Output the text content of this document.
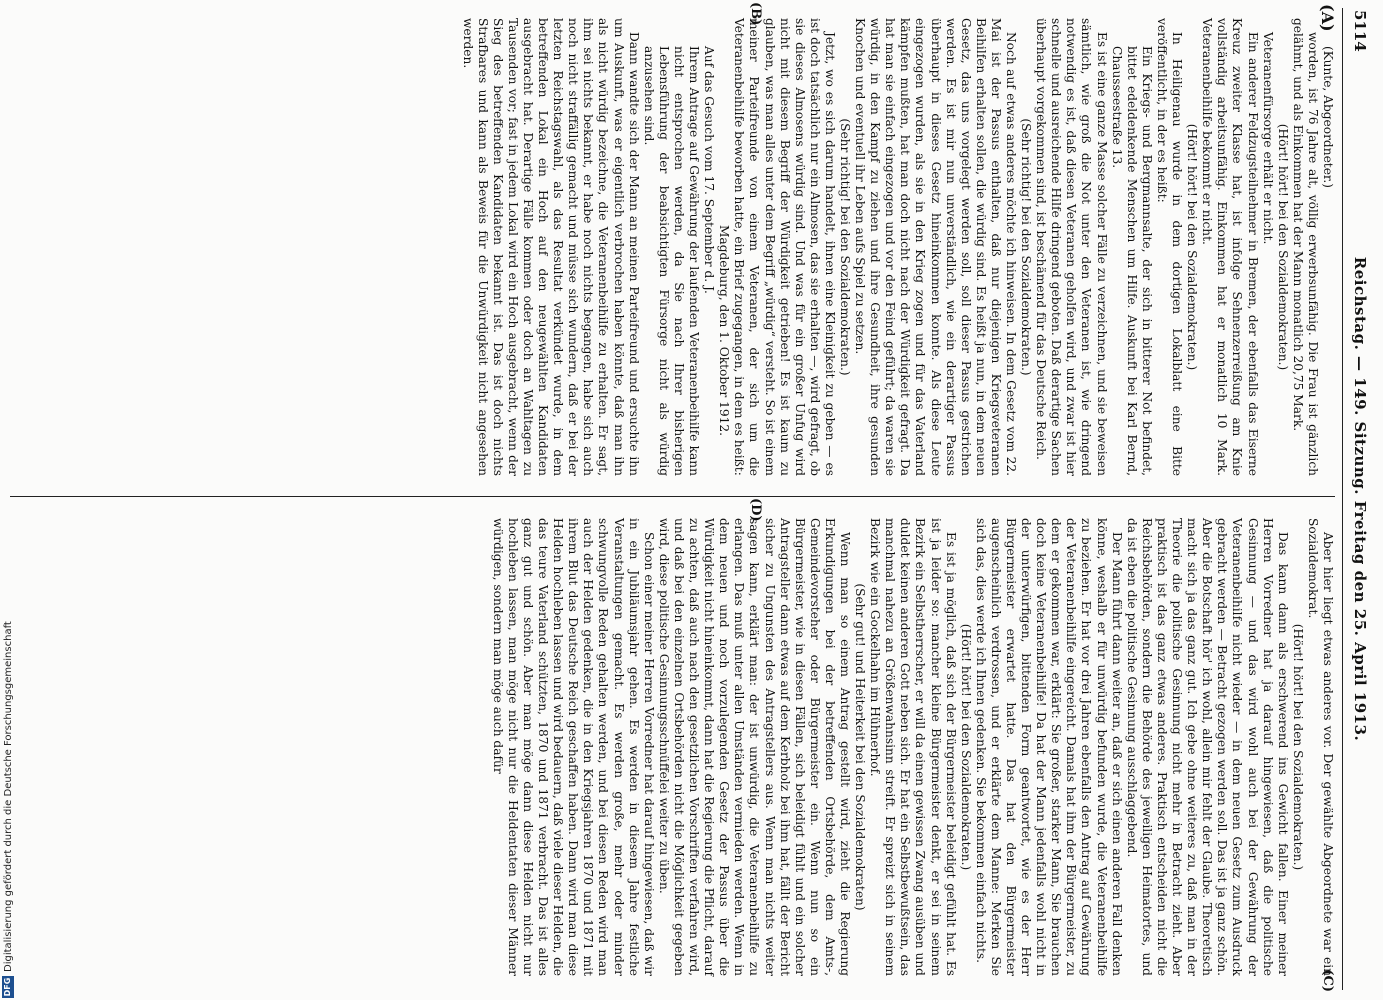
5114
Reichstag. — 149. Sitzung. Freitag den 25. April 1913.
(A)
(B)

(Kunte, Abgeordneter.)

worden, ist 76 Jahre alt, völlig erwerbsunfähig. Die Frau ist gänzlich gelähmt, und als Einkommen hat der Mann monatlich 20,75 Mark.

(Hört! hört! bei den Sozialdemokraten.)

Veteranenfürsorge erhält er nicht.

Ein anderer Feldzugsteilnehmer in Bremen, der ebenfalls das Eiserne Kreuz zweiter Klasse hat, ist infolge Sehnenzerreißung am Knie vollständig arbeitsunfähig. Einkommen hat er monatlich 10 Mark. Veteranenbeihilfe bekommt er nicht.

(Hört! hört! bei den Sozialdemokraten.)

In Heiligenau wurde in dem dortigen Lokalblatt eine Bitte veröffentlicht, in der es heißt:

Ein Kriegs- und Bergmannsalte, der sich in bitterer Not befindet, bittet edeldenkende Menschen um Hilfe. Auskunft bei Karl Bernd, Chausseestraße 13.

Es ist eine ganze Masse solcher Fälle zu verzeichnen, und sie beweisen sämtlich, wie groß die Not unter den Veteranen ist, wie dringend notwendig es ist, daß diesen Veteranen geholfen wird, und zwar ist hier schnelle und ausreichende Hilfe dringend geboten. Daß derartige Sachen überhaupt vorgekommen sind, ist beschämend für das Deutsche Reich.

(Sehr richtig! bei den Sozialdemokraten.)

Noch auf etwas anderes möchte ich hinweisen. In dem Gesetz vom 22. Mai ist der Passus enthalten, daß nur diejenigen Kriegsveteranen Beihilfen erhalten sollen, die würdig sind. Es heißt ja nun, in dem neuen Gesetz, das uns vorgelegt werden soll, soll dieser Passus gestrichen werden. Es ist mir nun unverständlich, wie ein derartiger Passus überhaupt in dieses Gesetz hineinkommen konnte. Als diese Leute eingezogen wurden, als sie in den Krieg zogen und für das Vaterland kämpfen mußten, hat man doch nicht nach der Würdigkeit gefragt. Da hat man sie einfach eingezogen und vor den Feind geführt; da waren sie würdig, in den Kampf zu ziehen und ihre Gesundheit, ihre gesunden Knochen und eventuell ihr Leben aufs Spiel zu setzen.

(Sehr richtig! bei den Sozialdemokraten.)

Jetzt, wo es sich darum handelt, ihnen eine Kleinigkeit zu geben — es ist doch tatsächlich nur ein Almosen, das sie erhalten —, wird gefragt, ob sie dieses Almosens würdig sind. Und was für ein großer Unfug wird nicht mit diesem Begriff der Würdigkeit getrieben! Es ist kaum zu glauben, was man alles unter dem Begriff „würdig“ versteht. So ist einem meiner Parteifreunde von einem Veteranen, der sich um die Veteranenbeihilfe beworben hatte, ein Brief zugegangen, in dem es heißt:

Magdeburg, den 1. Oktober 1912.

Auf das Gesuch vom 17. September d. J.

Ihrem Antrage auf Gewährung der laufenden Veteranenbeihilfe kann nicht entsprochen werden, da Sie nach Ihrer bisherigen Lebensführung der beabsichtigten Fürsorge nicht als würdig anzusehen sind.

Dann wandte sich der Mann an meinen Parteifreund und ersuchte ihn um Auskunft, was er eigentlich verbrochen haben könnte, daß man ihn als nicht würdig bezeichne, die Veteranenbeihilfe zu erhalten. Er sagt, ihm sei nichts bekannt, er habe noch nichts begangen, habe sich auch noch nicht straffällig gemacht und müsse sich wundern, daß er bei der letzten Reichstagswahl, als das Resultat verkündet wurde, in dem betreffenden Lokal ein Hoch auf den neugewählten Kandidaten ausgebracht hat. Derartige Fälle kommen oder doch an Wahltagen zu Tausenden vor; fast in jedem Lokal wird ein Hoch ausgebracht, wenn der Sieg des betreffenden Kandidaten bekannt ist. Das ist doch nichts Strafbares und kann als Beweis für die Unwürdigkeit nicht angesehen werden.

(C)
(D)

Aber hier liegt etwas anderes vor. Der gewählte Abgeordnete war ein Sozialdemokrat.

(Hört! hört! bei den Sozialdemokraten.)

Das kann dann als erschwerend ins Gewicht fallen. Einer meiner Herren Vorredner hat ja darauf hingewiesen, daß die politische Gesinnung — und das wird wohl auch bei der Gewährung der Veteranenbeihilfe nicht wieder — in dem neuen Gesetz zum Ausdruck gebracht werden — Betracht gezogen werden soll. Das ist ja ganz schön. Aber die Botschaft hör' ich wohl, allein mir fehlt der Glaube. Theoretisch macht sich ja das ganz gut. Ich gebe ohne weiteres zu, daß man in der Theorie die politische Gesinnung nicht mehr in Betracht zieht. Aber praktisch ist das ganz etwas anderes. Praktisch entscheiden nicht die Reichsbehörden, sondern die Behörde des jeweiligen Heimatortes, und da ist eben die politische Gesinnung ausschlaggebend.

Der Mann führt dann weiter an, daß er sich einen anderen Fall denken könne, weshalb er für unwürdig befunden wurde, die Veteranenbeihilfe zu beziehen. Er hat vor drei Jahren ebenfalls den Antrag auf Gewährung der Veteranenbeihilfe eingereicht. Damals hat ihm der Bürgermeister, zu dem er gekommen war, erklärt: Sie großer, starker Mann, Sie brauchen doch keine Veteranenbeihilfe! Da hat der Mann jedenfalls wohl nicht in der unterwürfigen, bittenden Form geantwortet, wie es der Herr Bürgermeister erwartet hatte. Das hat den Bürgermeister augenscheinlich verdrossen, und er erklärte dem Manne: Merken Sie sich das, dies werde ich Ihnen gedenken. Sie bekommen einfach nichts.

(Hört! hört! bei den Sozialdemokraten.)

Es ist ja möglich, daß sich der Bürgermeister beleidigt gefühlt hat. Es ist ja leider so: mancher kleine Bürgermeister denkt, er sei in seinem Bezirk ein Selbstherrscher, er will da einen gewissen Zwang ausüben und duldet keinen anderen Gott neben sich. Er hat ein Selbstbewußtsein, das manchmal nahezu an Größenwahnsinn streift. Er spreizt sich in seinem Bezirk wie ein Gockelhahn im Hühnerhof.

(Sehr gut! und Heiterkeit bei den Sozialdemokraten)

Wenn man so einem Antrag gestellt wird, zieht die Regierung Erkundigungen bei der betreffenden Ortsbehörde, dem Amts-, Gemeindevorsteher oder Bürgermeister ein. Wenn nun so ein Bürgermeister, wie in diesen Fällen, sich beleidigt fühlt und ein solcher Antragsteller dann etwas auf dem Kerbholz bei ihm hat, fällt der Bericht sicher zu Ungunsten des Antragstellers aus. Wenn man nichts weiter sagen kann, erklärt man: der ist unwürdig, die Veteranenbeihilfe zu erlangen. Das muß unter allen Umständen vermieden werden. Wenn in dem neuen und noch vorzulegenden Gesetz der Passus über die Würdigkeit nicht hineinkommt, dann hat die Regierung die Pflicht, darauf zu achten, daß auch nach den gesetzlichen Vorschriften verfahren wird, und daß bei den einzelnen Ortsbehörden nicht die Möglichkeit gegeben wird, diese politische Gesinnungsschnüffelei weiter zu üben.

Schon einer meiner Herren Vorredner hat darauf hingewiesen, daß wir in ein Jubiläumsjahr gehen. Es werden in diesem Jahre festliche Veranstaltungen gemacht. Es werden große, mehr oder minder schwungvolle Reden gehalten werden, und bei diesen Reden wird man auch der Helden gedenken, die in den Kriegsjahren 1870 und 1871 mit ihrem Blut das Deutsche Reich geschaffen haben. Dann wird man diese Helden hochleben lassen und wird bedauern, daß viele dieser Helden, die das teure Vaterland schützten, 1870 und 1871 verbracht. Das ist alles ganz gut und schön. Aber man möge dann diese Helden nicht nur hochleben lassen, man möge nicht nur die Heldentaten dieser Männer würdigen, sondern man möge auch dafür

DFG
Digitalisierung gefördert durch die Deutsche Forschungsgemeinschaft
